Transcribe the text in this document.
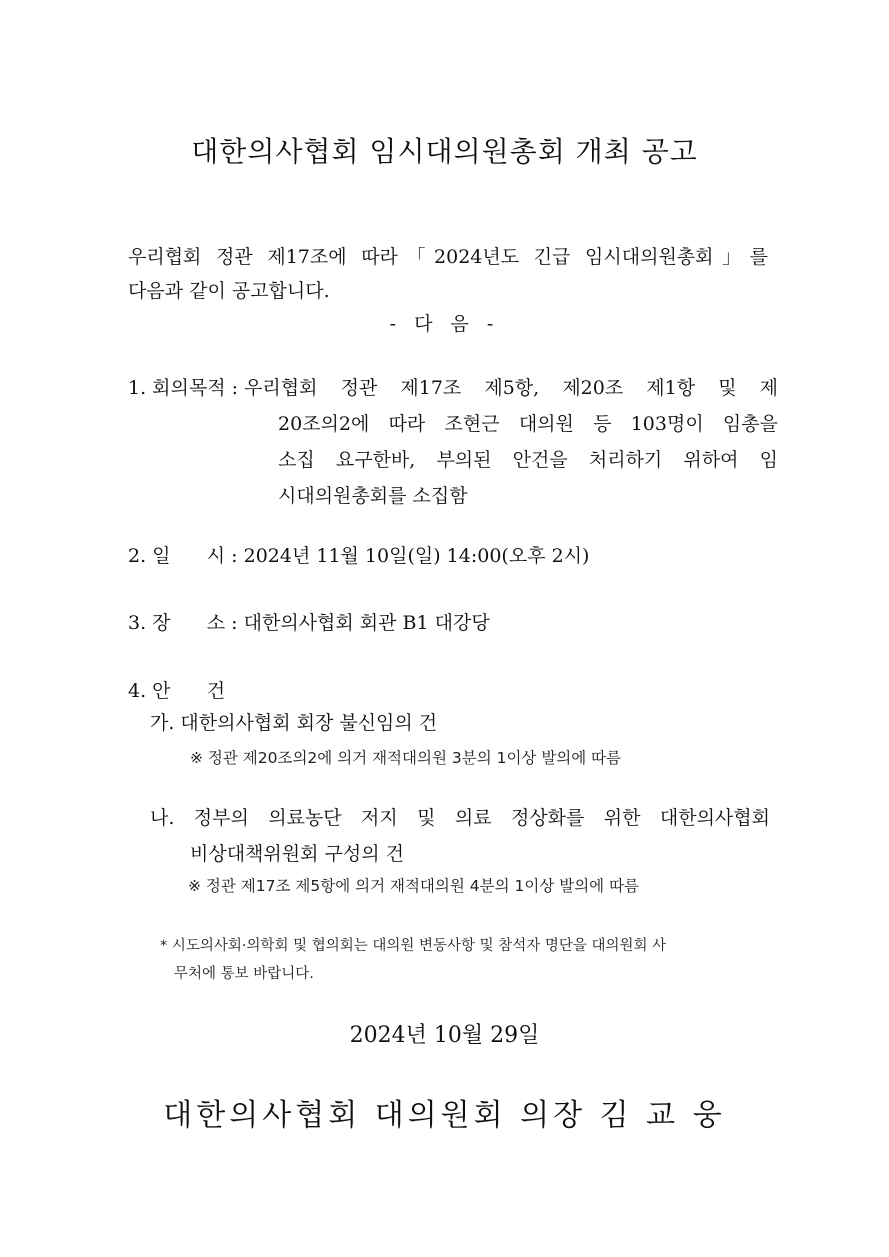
대한의사협회 임시대의원총회 개최 공고
우리협회 정관 제17조에 따라「2024년도 긴급 임시대의원총회」를
다음과 같이 공고합니다.
- 다 음 -
1. 회의목적 : 우리협회 정관 제17조 제5항, 제20조 제1항 및 제
20조의2에 따라 조현근 대의원 등 103명이 임총을
소집 요구한바, 부의된 안건을 처리하기 위하여 임
시대의원총회를 소집함
2. 일      시 : 2024년 11월 10일(일) 14:00(오후 2시)
3. 장      소 : 대한의사협회 회관 B1 대강당
4. 안      건
가. 대한의사협회 회장 불신임의 건
※ 정관 제20조의2에 의거 재적대의원 3분의 1이상 발의에 따름
나. 정부의 의료농단 저지 및 의료 정상화를 위한 대한의사협회
비상대책위원회 구성의 건
※ 정관 제17조 제5항에 의거 재적대의원 4분의 1이상 발의에 따름
* 시도의사회·의학회 및 협의회는 대의원 변동사항 및 참석자 명단을 대의원회 사
무처에 통보 바랍니다.
2024년 10월 29일
대한의사협회 대의원회 의장 김 교 웅
